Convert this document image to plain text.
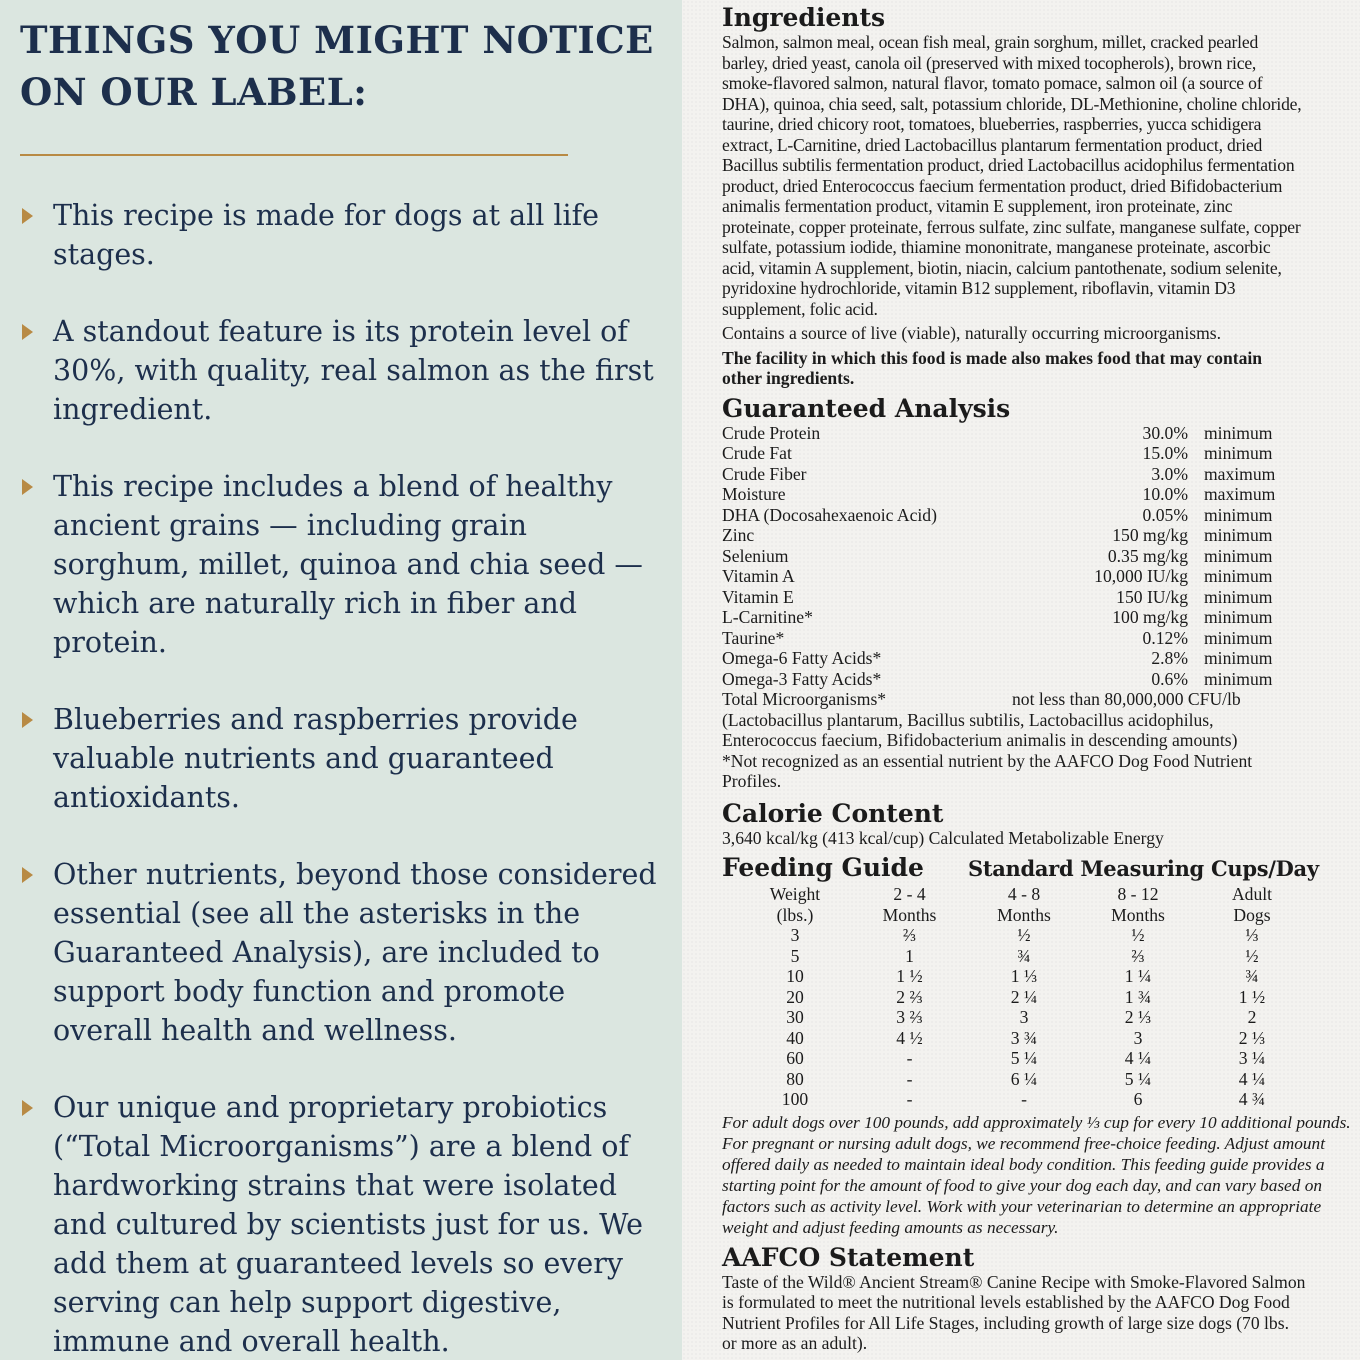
THINGS YOU MIGHT NOTICE ON OUR LABEL:
This recipe is made for dogs at all life stages.
A standout feature is its protein level of 30%, with quality, real salmon as the first ingredient.
This recipe includes a blend of healthy ancient grains — including grain sorghum, millet, quinoa and chia seed — which are naturally rich in fiber and protein.
Blueberries and raspberries provide valuable nutrients and guaranteed antioxidants.
Other nutrients, beyond those considered essential (see all the asterisks in the Guaranteed Analysis), are included to support body function and promote overall health and wellness.
Our unique and proprietary probiotics (“Total Microorganisms”) are a blend of hardworking strains that were isolated and cultured by scientists just for us. We add them at guaranteed levels so every serving can help support digestive, immune and overall health.
Ingredients

Salmon, salmon meal, ocean fish meal, grain sorghum, millet, cracked pearled barley, dried yeast, canola oil (preserved with mixed tocopherols), brown rice, smoke-flavored salmon, natural flavor, tomato pomace, salmon oil (a source of DHA), quinoa, chia seed, salt, potassium chloride, DL-Methionine, choline chloride, taurine, dried chicory root, tomatoes, blueberries, raspberries, yucca schidigera extract, L-Carnitine, dried Lactobacillus plantarum fermentation product, dried Bacillus subtilis fermentation product, dried Lactobacillus acidophilus fermentation product, dried Enterococcus faecium fermentation product, dried Bifidobacterium animalis fermentation product, vitamin E supplement, iron proteinate, zinc proteinate, copper proteinate, ferrous sulfate, zinc sulfate, manganese sulfate, copper sulfate, potassium iodide, thiamine mononitrate, manganese proteinate, ascorbic acid, vitamin A supplement, biotin, niacin, calcium pantothenate, sodium selenite, pyridoxine hydrochloride, vitamin B12 supplement, riboflavin, vitamin D3 supplement, folic acid.

Contains a source of live (viable), naturally occurring microorganisms.

The facility in which this food is made also makes food that may contain other ingredients.

Guaranteed Analysis
Crude Protein	30.0%	minimum
Crude Fat	15.0%	minimum
Crude Fiber	3.0%	maximum
Moisture	10.0%	maximum
DHA (Docosahexaenoic Acid)	0.05%	minimum
Zinc	150 mg/kg	minimum
Selenium	0.35 mg/kg	minimum
Vitamin A	10,000 IU/kg	minimum
Vitamin E	150 IU/kg	minimum
L-Carnitine*	100 mg/kg	minimum
Taurine*	0.12%	minimum
Omega-6 Fatty Acids*	2.8%	minimum
Omega-3 Fatty Acids*	0.6%	minimum
Total Microorganisms*	not less than 80,000,000 CFU/lb

(Lactobacillus plantarum, Bacillus subtilis, Lactobacillus acidophilus, Enterococcus faecium, Bifidobacterium animalis in descending amounts)

*Not recognized as an essential nutrient by the AAFCO Dog Food Nutrient Profiles.

Calorie Content

3,640 kcal/kg (413 kcal/cup) Calculated Metabolizable Energy

Feeding Guide Standard Measuring Cups/Day
Weight	2 - 4	4 - 8	8 - 12	Adult
(lbs.)	Months	Months	Months	Dogs
3	⅔	½	½	⅓
5	1	¾	⅔	½
10	1 ½	1 ⅓	1 ¼	¾
20	2 ⅔	2 ¼	1 ¾	1 ½
30	3 ⅔	3	2 ⅓	2
40	4 ½	3 ¾	3	2 ⅓
60	-	5 ¼	4 ¼	3 ¼
80	-	6 ¼	5 ¼	4 ¼
100	-	-	6	4 ¾

For adult dogs over 100 pounds, add approximately ⅓ cup for every 10 additional pounds. For pregnant or nursing adult dogs, we recommend free-choice feeding. Adjust amount offered daily as needed to maintain ideal body condition. This feeding guide provides a starting point for the amount of food to give your dog each day, and can vary based on factors such as activity level. Work with your veterinarian to determine an appropriate weight and adjust feeding amounts as necessary.

AAFCO Statement

Taste of the Wild® Ancient Stream® Canine Recipe with Smoke-Flavored Salmon is formulated to meet the nutritional levels established by the AAFCO Dog Food Nutrient Profiles for All Life Stages, including growth of large size dogs (70 lbs. or more as an adult).
